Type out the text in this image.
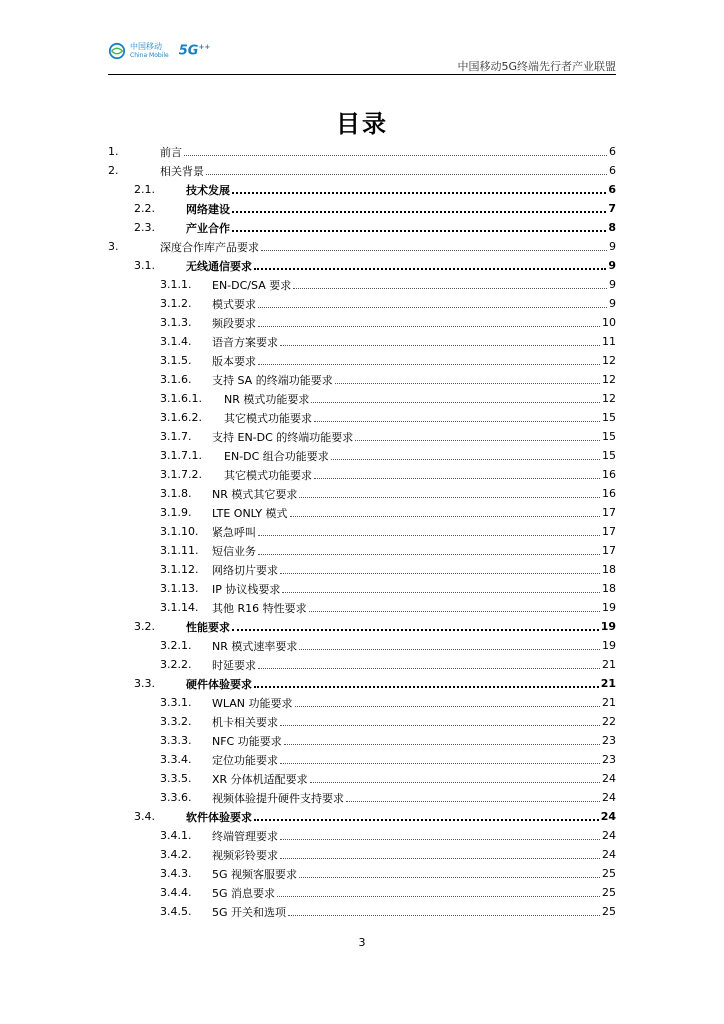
中国移动
China Mobile 5G++
中国移动5G终端先行者产业联盟
目录
1.	前言	6
2.	相关背景	6
2.1.	技术发展	6
2.2.	网络建设	7
2.3.	产业合作	8
3.	深度合作库产品要求	9
3.1.	无线通信要求	9
3.1.1.	EN-DC/SA 要求	9
3.1.2.	模式要求	9
3.1.3.	频段要求	10
3.1.4.	语音方案要求	11
3.1.5.	版本要求	12
3.1.6.	支持 SA 的终端功能要求	12
3.1.6.1.	NR 模式功能要求	12
3.1.6.2.	其它模式功能要求	15
3.1.7.	支持 EN-DC 的终端功能要求	15
3.1.7.1.	EN-DC 组合功能要求	15
3.1.7.2.	其它模式功能要求	16
3.1.8.	NR 模式其它要求	16
3.1.9.	LTE ONLY 模式	17
3.1.10.	紧急呼叫	17
3.1.11.	短信业务	17
3.1.12.	网络切片要求	18
3.1.13.	IP 协议栈要求	18
3.1.14.	其他 R16 特性要求	19
3.2.	性能要求	19
3.2.1.	NR 模式速率要求	19
3.2.2.	时延要求	21
3.3.	硬件体验要求	21
3.3.1.	WLAN 功能要求	21
3.3.2.	机卡相关要求	22
3.3.3.	NFC 功能要求	23
3.3.4.	定位功能要求	23
3.3.5.	XR 分体机适配要求	24
3.3.6.	视频体验提升硬件支持要求	24
3.4.	软件体验要求	24
3.4.1.	终端管理要求	24
3.4.2.	视频彩铃要求	24
3.4.3.	5G 视频客服要求	25
3.4.4.	5G 消息要求	25
3.4.5.	5G 开关和选项	25
3
